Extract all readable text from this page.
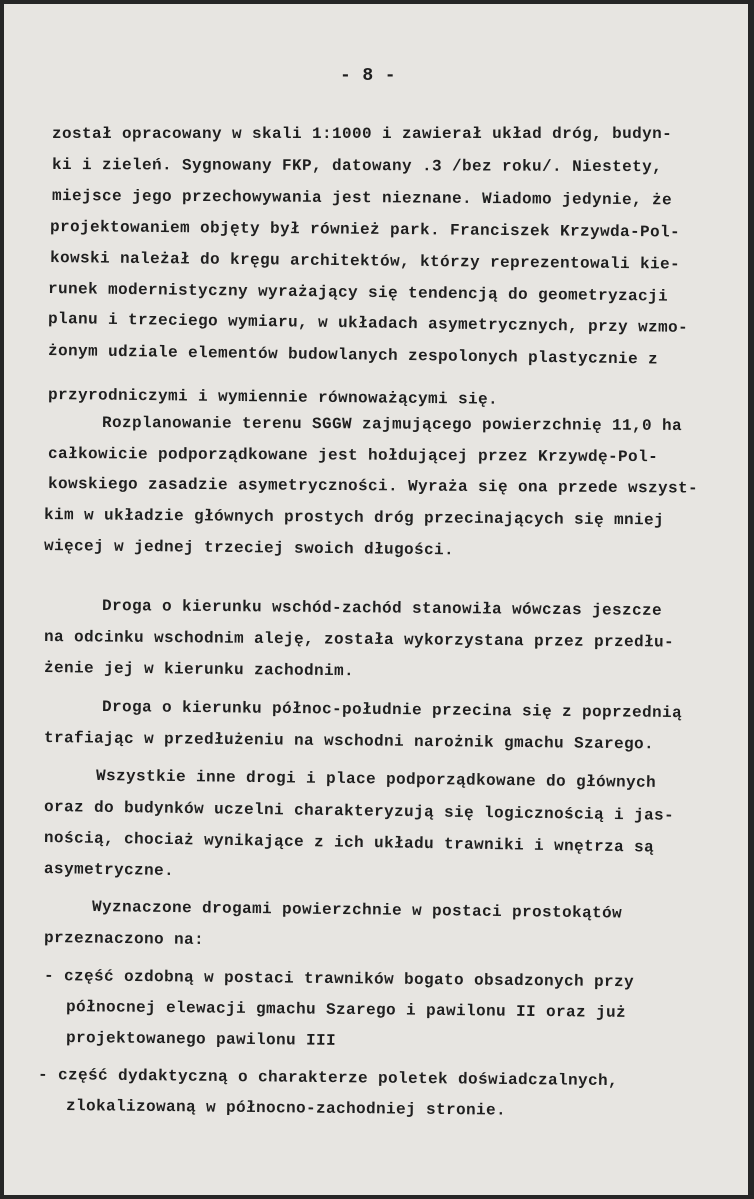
- 8 -
został opracowany w skali 1:1000 i zawierał układ dróg, budyn-
ki i zieleń. Sygnowany FKP, datowany .3 /bez roku/. Niestety,
miejsce jego przechowywania jest nieznane. Wiadomo jedynie, że
projektowaniem objęty był również park. Franciszek Krzywda-Pol-
kowski należał do kręgu architektów, którzy reprezentowali kie-
runek modernistyczny wyrażający się tendencją do geometryzacji
planu i trzeciego wymiaru, w układach asymetrycznych, przy wzmo-
żonym udziale elementów budowlanych zespolonych plastycznie z
przyrodniczymi i wymiennie równoważącymi się.
Rozplanowanie terenu SGGW zajmującego powierzchnię 11,0 ha
całkowicie podporządkowane jest hołdującej przez Krzywdę-Pol-
kowskiego zasadzie asymetryczności. Wyraża się ona przede wszyst-
kim w układzie głównych prostych dróg przecinających się mniej
więcej w jednej trzeciej swoich długości.
Droga o kierunku wschód-zachód stanowiła wówczas jeszcze
na odcinku wschodnim aleję, została wykorzystana przez przedłu-
żenie jej w kierunku zachodnim.
Droga o kierunku północ-południe przecina się z poprzednią
trafiając w przedłużeniu na wschodni narożnik gmachu Szarego.
Wszystkie inne drogi i place podporządkowane do głównych
oraz do budynków uczelni charakteryzują się logicznością i jas-
nością, chociaż wynikające z ich układu trawniki i wnętrza są
asymetryczne.
Wyznaczone drogami powierzchnie w postaci prostokątów
przeznaczono na:
- część ozdobną w postaci trawników bogato obsadzonych przy
północnej elewacji gmachu Szarego i pawilonu II oraz już
projektowanego pawilonu III
- część dydaktyczną o charakterze poletek doświadczalnych,
zlokalizowaną w północno-zachodniej stronie.
